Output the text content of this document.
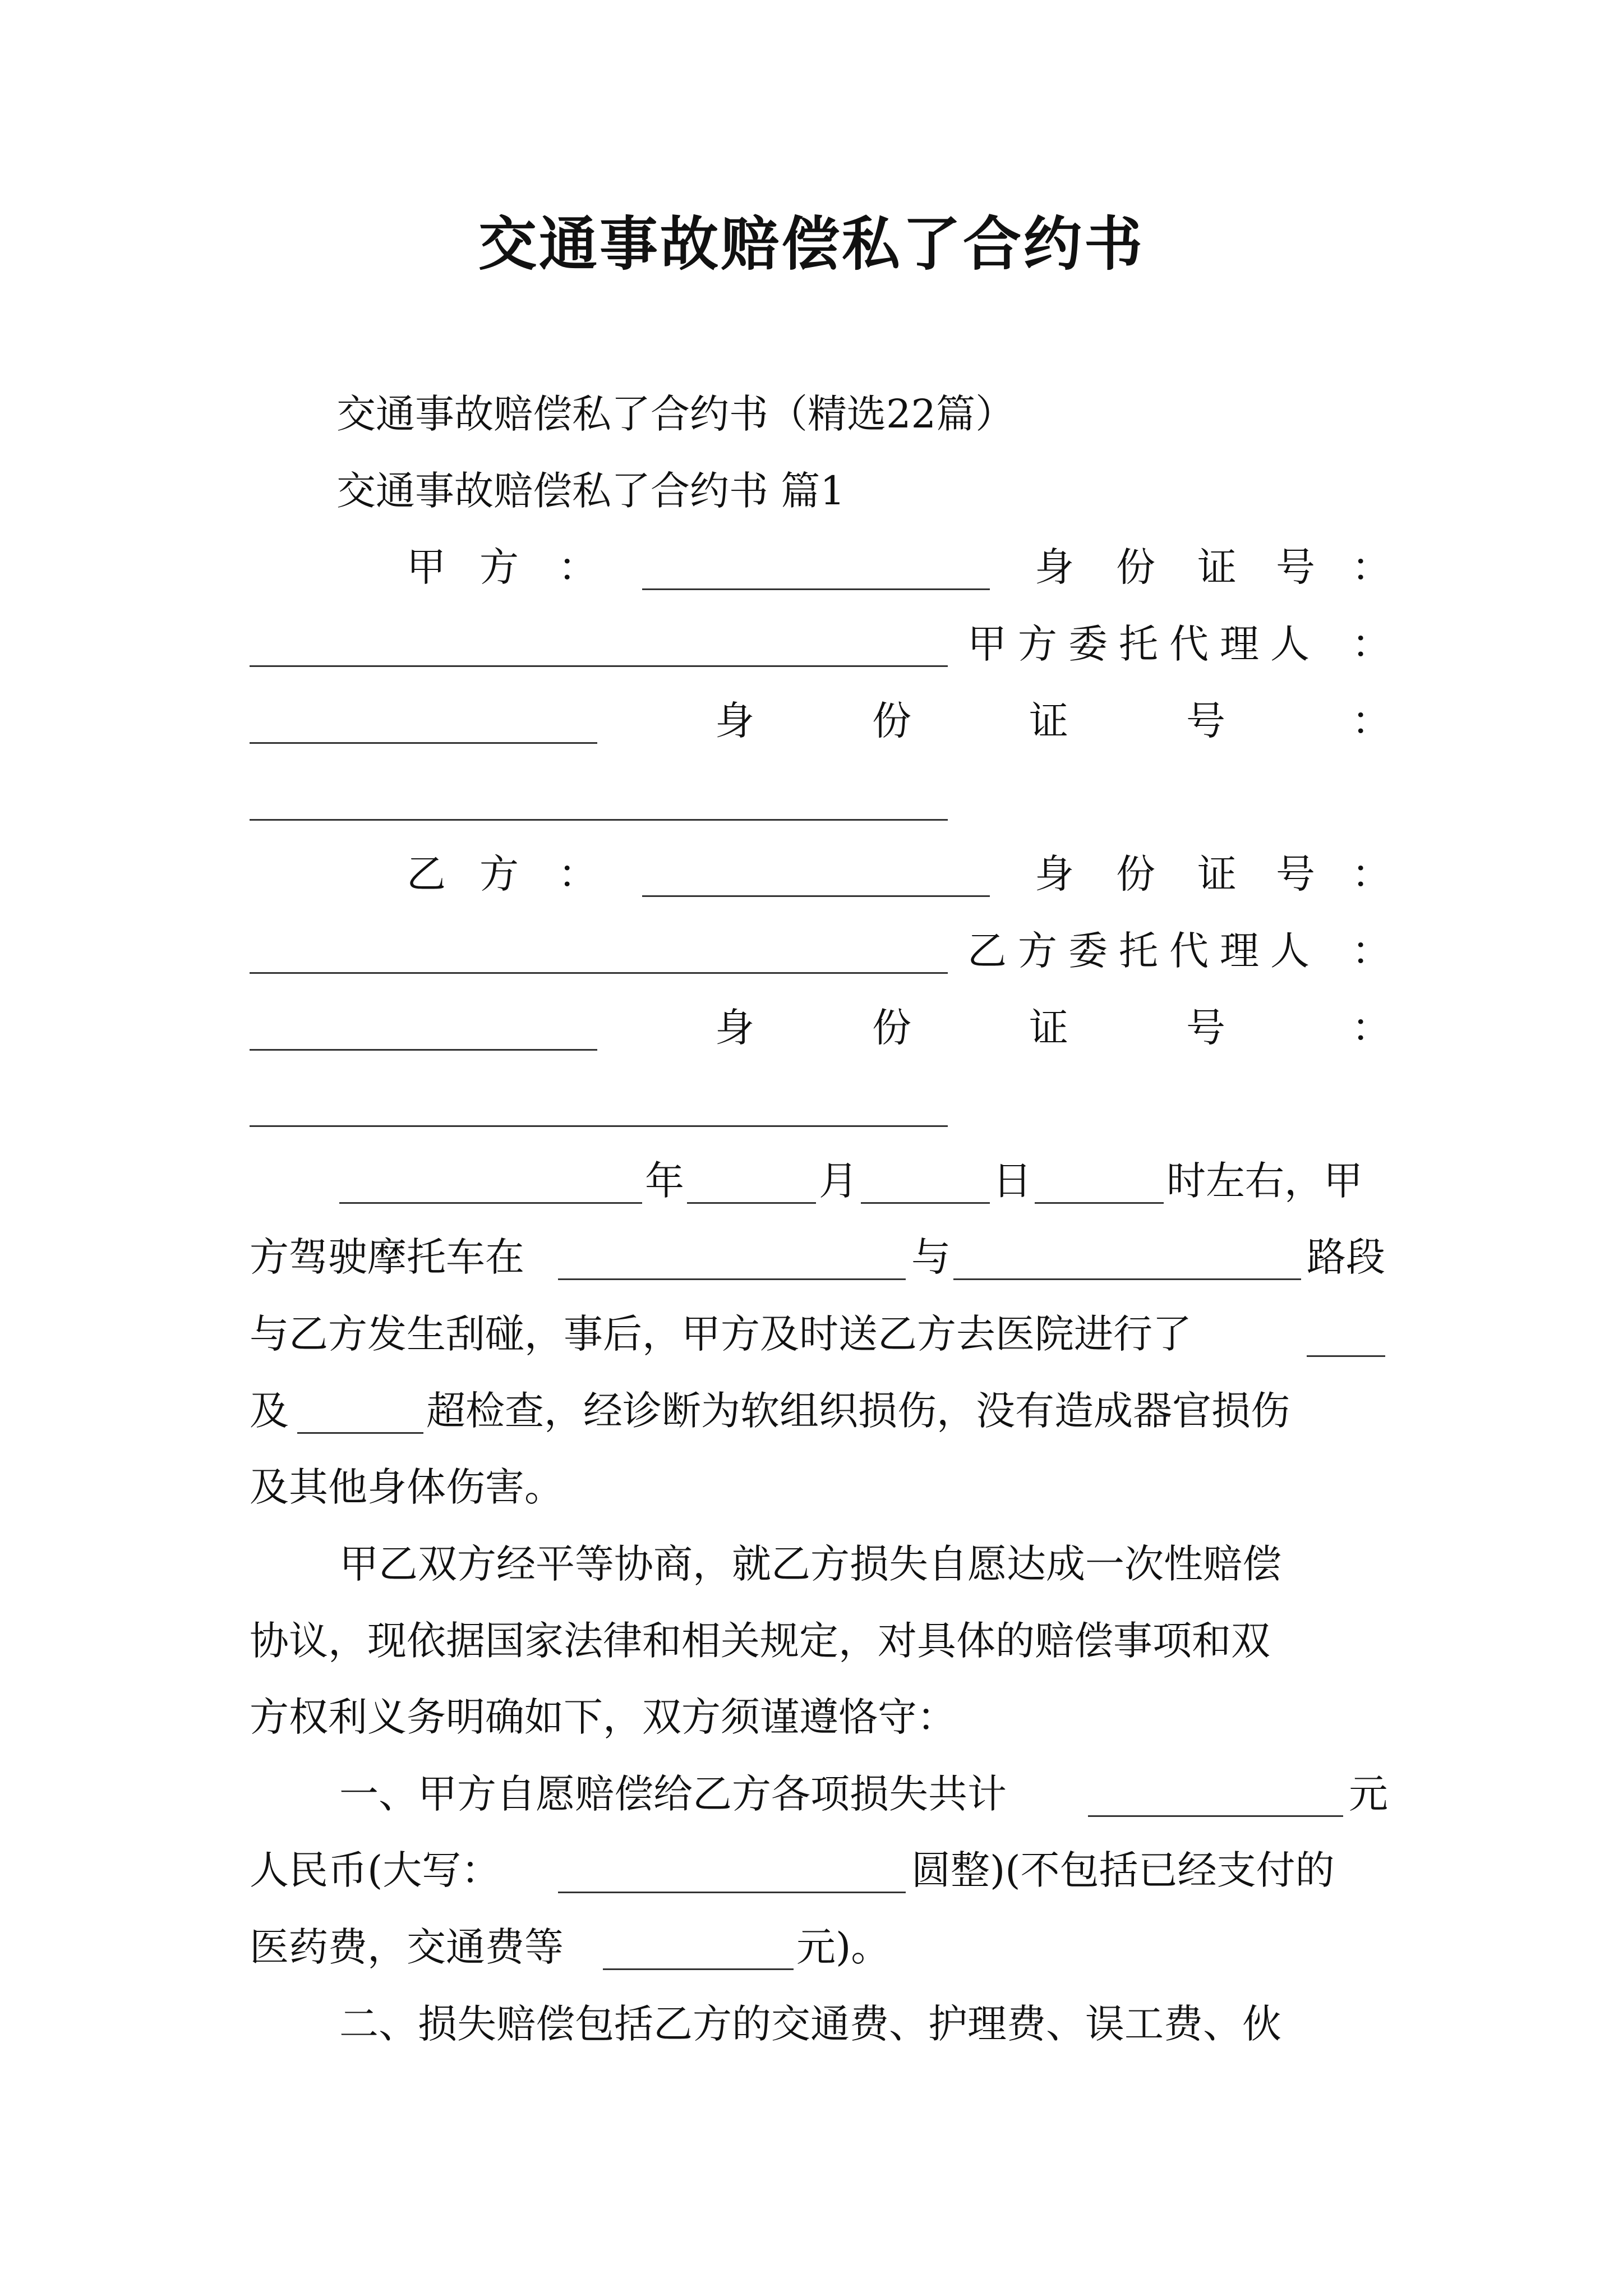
交通事故赔偿私了合约书
交通事故赔偿私了合约书（精选22篇）
交通事故赔偿私了合约书 篇1
甲 方 ：	身 份 证 号 ：
甲 方 委 托 代 理 人 ：
身	份	证	号	：
乙 方 ：	身 份 证 号 ：
乙 方 委 托 代 理 人 ：
身	份	证	号	：
年	月	日	时左右，甲
方驾驶摩托车在	与	路段
与乙方发生刮碰，事后，甲方及时送乙方去医院进行了
及	超检查，经诊断为软组织损伤，没有造成器官损伤
及其他身体伤害。
甲乙双方经平等协商，就乙方损失自愿达成一次性赔偿
协议，现依据国家法律和相关规定，对具体的赔偿事项和双
方权利义务明确如下，双方须谨遵恪守：
一、甲方自愿赔偿给乙方各项损失共计	元
人民币(大写：	圆整)(不包括已经支付的
医药费，交通费等	元)。
二、损失赔偿包括乙方的交通费、护理费、误工费、伙
